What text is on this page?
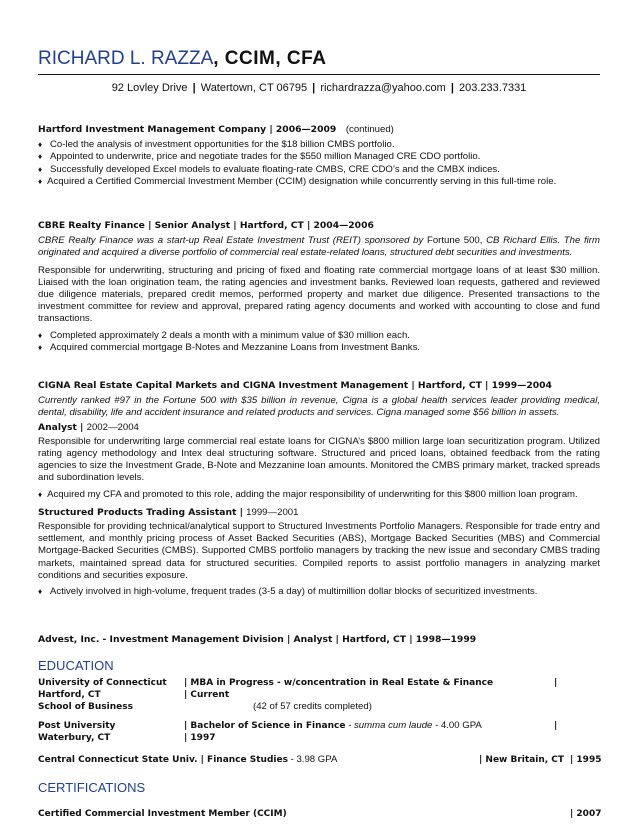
RICHARD L. RAZZA, CCIM, CFA
92 Lovley Drive | Watertown, CT 06795 | richardrazza@yahoo.com | 203.233.7331
Hartford Investment Management Company | 2006—2009 (continued)
♦ Co-led the analysis of investment opportunities for the $18 billion CMBS portfolio.
♦ Appointed to underwrite, price and negotiate trades for the $550 million Managed CRE CDO portfolio.
♦ Successfully developed Excel models to evaluate floating-rate CMBS, CRE CDO’s and the CMBX indices.
♦ Acquired a Certified Commercial Investment Member (CCIM) designation while concurrently serving in this full-time role.
CBRE Realty Finance | Senior Analyst | Hartford, CT | 2004—2006
CBRE Realty Finance was a start-up Real Estate Investment Trust (REIT) sponsored by Fortune 500, CB Richard Ellis. The firm originated and acquired a diverse portfolio of commercial real estate-related loans, structured debt securities and investments.
Responsible for underwriting, structuring and pricing of fixed and floating rate commercial mortgage loans of at least $30 million. Liaised with the loan origination team, the rating agencies and investment banks. Reviewed loan requests, gathered and reviewed due diligence materials, prepared credit memos, performed property and market due diligence. Presented transactions to the investment committee for review and approval, prepared rating agency documents and worked with accounting to close and fund transactions.
♦ Completed approximately 2 deals a month with a minimum value of $30 million each.
♦ Acquired commercial mortgage B-Notes and Mezzanine Loans from Investment Banks.
CIGNA Real Estate Capital Markets and CIGNA Investment Management | Hartford, CT | 1999—2004
Currently ranked #97 in the Fortune 500 with $35 billion in revenue, Cigna is a global health services leader providing medical, dental, disability, life and accident insurance and related products and services. Cigna managed some $56 billion in assets.
Analyst | 2002—2004
Responsible for underwriting large commercial real estate loans for CIGNA’s $800 million large loan securitization program. Utilized rating agency methodology and Intex deal structuring software. Structured and priced loans, obtained feedback from the rating agencies to size the Investment Grade, B-Note and Mezzanine loan amounts. Monitored the CMBS primary market, tracked spreads and subordination levels.
♦ Acquired my CFA and promoted to this role, adding the major responsibility of underwriting for this $800 million loan program.
Structured Products Trading Assistant | 1999—2001
Responsible for providing technical/analytical support to Structured Investments Portfolio Managers. Responsible for trade entry and settlement, and monthly pricing process of Asset Backed Securities (ABS), Mortgage Backed Securities (MBS) and Commercial Mortgage-Backed Securities (CMBS). Supported CMBS portfolio managers by tracking the new issue and secondary CMBS trading markets, maintained spread data for structured securities. Compiled reports to assist portfolio managers in analyzing market conditions and securities exposure.
♦ Actively involved in high-volume, frequent trades (3-5 a day) of multimillion dollar blocks of securitized investments.
Advest, Inc. - Investment Management Division | Analyst | Hartford, CT | 1998—1999
EDUCATION
University of Connecticut | MBA in Progress - w/concentration in Real Estate & Finance	|
Hartford, CT	| Current
School of Business	(42 of 57 credits completed)
Post University	| Bachelor of Science in Finance - summa cum laude - 4.00 GPA	|
Waterbury, CT	| 1997
Central Connecticut State Univ. | Finance Studies - 3.98 GPA	| New Britain, CT | 1995
CERTIFICATIONS
Certified Commercial Investment Member (CCIM)	| 2007
